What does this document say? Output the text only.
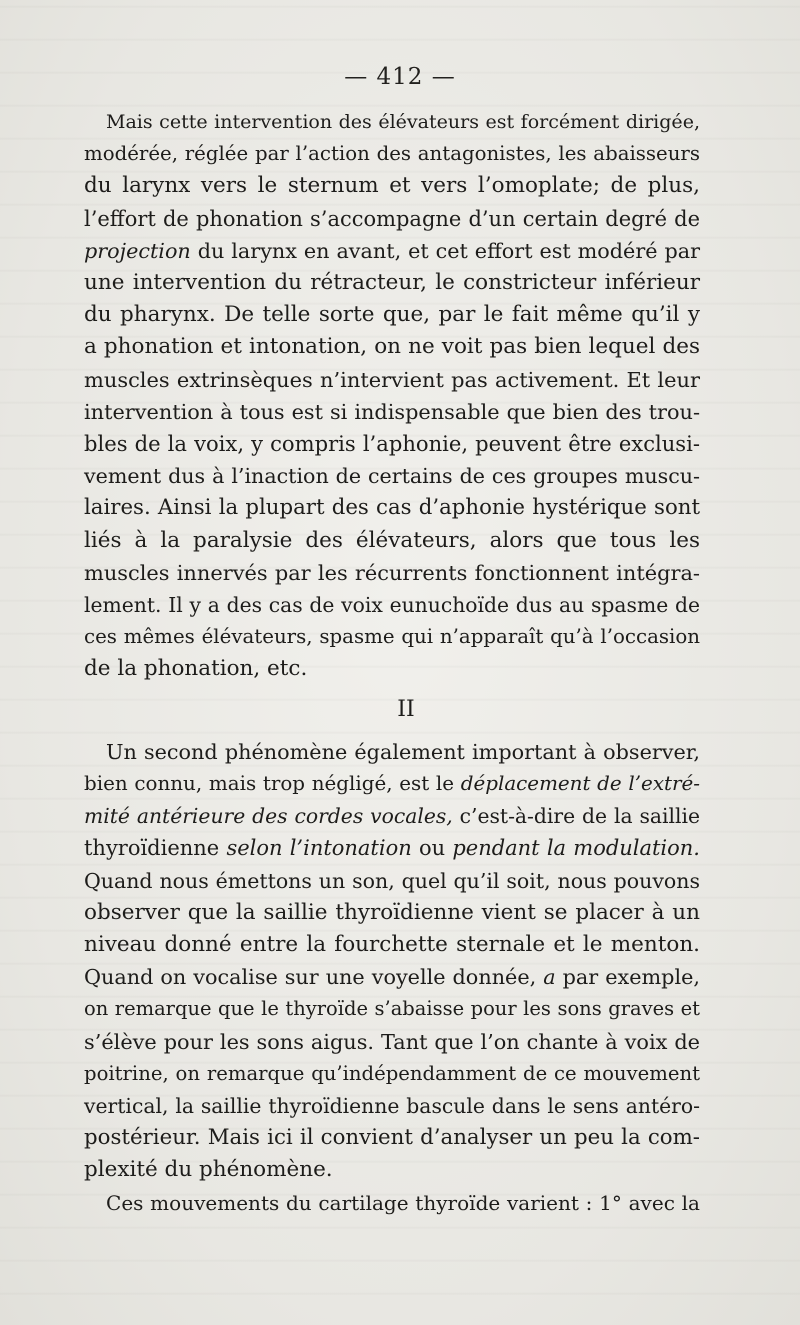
— 412 —
Mais cette intervention des élévateurs est forcément dirigée,
modérée, réglée par l’action des antagonistes, les abaisseurs
du larynx vers le sternum et vers l’omoplate; de plus,
l’effort de phonation s’accompagne d’un certain degré de
projection du larynx en avant, et cet effort est modéré par
une intervention du rétracteur, le constricteur inférieur
du pharynx. De telle sorte que, par le fait même qu’il y
a phonation et intonation, on ne voit pas bien lequel des
muscles extrinsèques n’intervient pas activement. Et leur
intervention à tous est si indispensable que bien des trou-
bles de la voix, y compris l’aphonie, peuvent être exclusi-
vement dus à l’inaction de certains de ces groupes muscu-
laires. Ainsi la plupart des cas d’aphonie hystérique sont
liés à la paralysie des élévateurs, alors que tous les
muscles innervés par les récurrents fonctionnent intégra-
lement. Il y a des cas de voix eunuchoïde dus au spasme de
ces mêmes élévateurs, spasme qui n’apparaît qu’à l’occasion
de la phonation, etc.
II
Un second phénomène également important à observer,
bien connu, mais trop négligé, est le déplacement de l’extré-
mité antérieure des cordes vocales, c’est-à-dire de la saillie
thyroïdienne selon l’intonation ou pendant la modulation.
Quand nous émettons un son, quel qu’il soit, nous pouvons
observer que la saillie thyroïdienne vient se placer à un
niveau donné entre la fourchette sternale et le menton.
Quand on vocalise sur une voyelle donnée, a par exemple,
on remarque que le thyroïde s’abaisse pour les sons graves et
s’élève pour les sons aigus. Tant que l’on chante à voix de
poitrine, on remarque qu’indépendamment de ce mouvement
vertical, la saillie thyroïdienne bascule dans le sens antéro-
postérieur. Mais ici il convient d’analyser un peu la com-
plexité du phénomène.
Ces mouvements du cartilage thyroïde varient : 1° avec la
